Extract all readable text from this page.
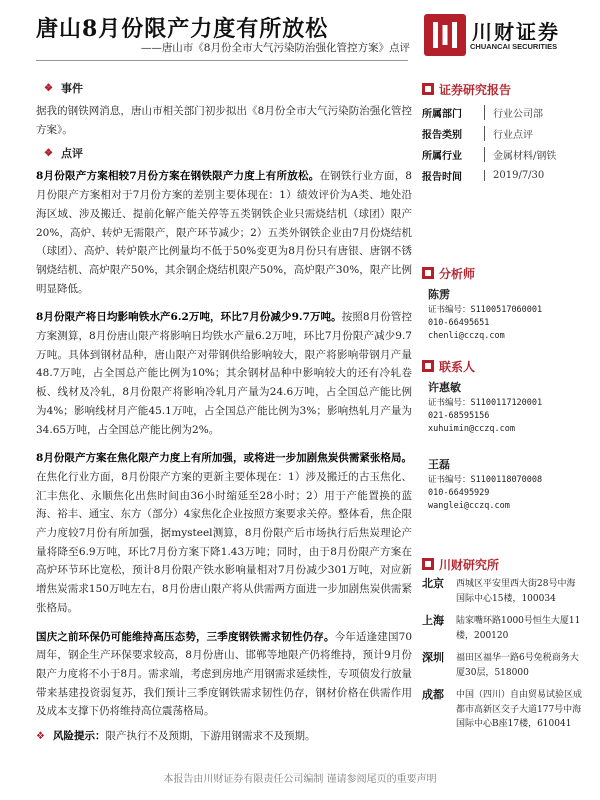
唐山8月份限产力度有所放松
——唐山市《8月份全市大气污染防治强化管控方案》点评
川财证券
CHUANCAI SECURITIES
❖ 事件

据我的钢铁网消息，唐山市相关部门初步拟出《8月份全市大气污染防治强化管控方案》。

❖ 点评

8月份限产方案相较7月份方案在钢铁限产力度上有所放松。在钢铁行业方面，8月份限产方案相对于7月份方案的差别主要体现在：1）绩效评价为A类、地处沿海区域、涉及搬迁、提前化解产能关停等五类钢铁企业只需烧结机（球团）限产20%，高炉、转炉无需限产，限产环节减少；2）五类外钢铁企业由7月份烧结机（球团）、高炉、转炉限产比例量均不低于50%变更为8月份只有唐银、唐钢不锈钢烧结机、高炉限产50%，其余钢企烧结机限产50%，高炉限产30%，限产比例明显降低。

8月份限产将日均影响铁水产6.2万吨，环比7月份减少9.7万吨。按照8月份管控方案测算，8月份唐山限产将影响日均铁水产量6.2万吨，环比7月份限产减少9.7万吨。具体到钢材品种，唐山限产对带钢供给影响较大，限产将影响带钢月产量48.7万吨，占全国总产能比例为10%；其余钢材品种中影响较大的还有冷轧卷板、线材及冷轧，8月份限产将影响冷轧月产量为24.6万吨，占全国总产能比例为4%；影响线材月产能45.1万吨，占全国总产能比例为3%；影响热轧月产量为34.65万吨，占全国总产能比例为2%。

8月份限产方案在焦化限产力度上有所加强，或将进一步加剧焦炭供需紧张格局。在焦化行业方面，8月份限产方案的更新主要体现在：1）涉及搬迁的古玉焦化、汇丰焦化、永顺焦化出焦时间由36小时缩延至28小时；2）用于产能置换的蓝海、裕丰、通宝、东方（部分）4家焦化企业按照方案要求关停。整体看，焦企限产力度较7月份有所加强，据mysteel测算，8月份限产后市场执行后焦炭理论产量将降至6.9万吨，环比7月份方案下降1.43万吨；同时，由于8月份限产方案在高炉环节环比宽松，预计8月份限产铁水影响量相对7月份减少301万吨，对应新增焦炭需求150万吨左右，8月份唐山限产将从供需两方面进一步加剧焦炭供需紧张格局。

国庆之前环保仍可能维持高压态势，三季度钢铁需求韧性仍存。今年适逢建国70周年，钢企生产环保要求较高，8月份唐山、邯郸等地限产仍将维持，预计9月份限产力度将不小于8月。需求端，考虑到房地产用钢需求延续性，专项债发行放量带来基建投资弱复苏，我们预计三季度钢铁需求韧性仍存，钢材价格在供需作用及成本支撑下仍将维持高位震荡格局。

❖ 风险提示：限产执行不及预期，下游用钢需求不及预期。

证券研究报告
所属部门	行业公司部
报告类别	行业点评
所属行业	金属材料/钢铁
报告时间	2019/7/30
分析师
陈雳
证书编号：S1100517060001
010-66495651
chenli@cczq.com
联系人
许惠敏
证书编号：S1100117120001
021-68595156
xuhuimin@cczq.com
王磊
证书编号：S1100118070008
010-66495929
wanglei@cczq.com
川财研究所
北京	西城区平安里西大街28号中海国际中心15楼，100034
上海	陆家嘴环路1000号恒生大厦11楼，200120
深圳	福田区福华一路6号免税商务大厦30层，518000
成都	中国（四川）自由贸易试验区成都市高新区交子大道177号中海国际中心B座17楼，610041
本报告由川财证券有限责任公司编制 谨请参阅尾页的重要声明
